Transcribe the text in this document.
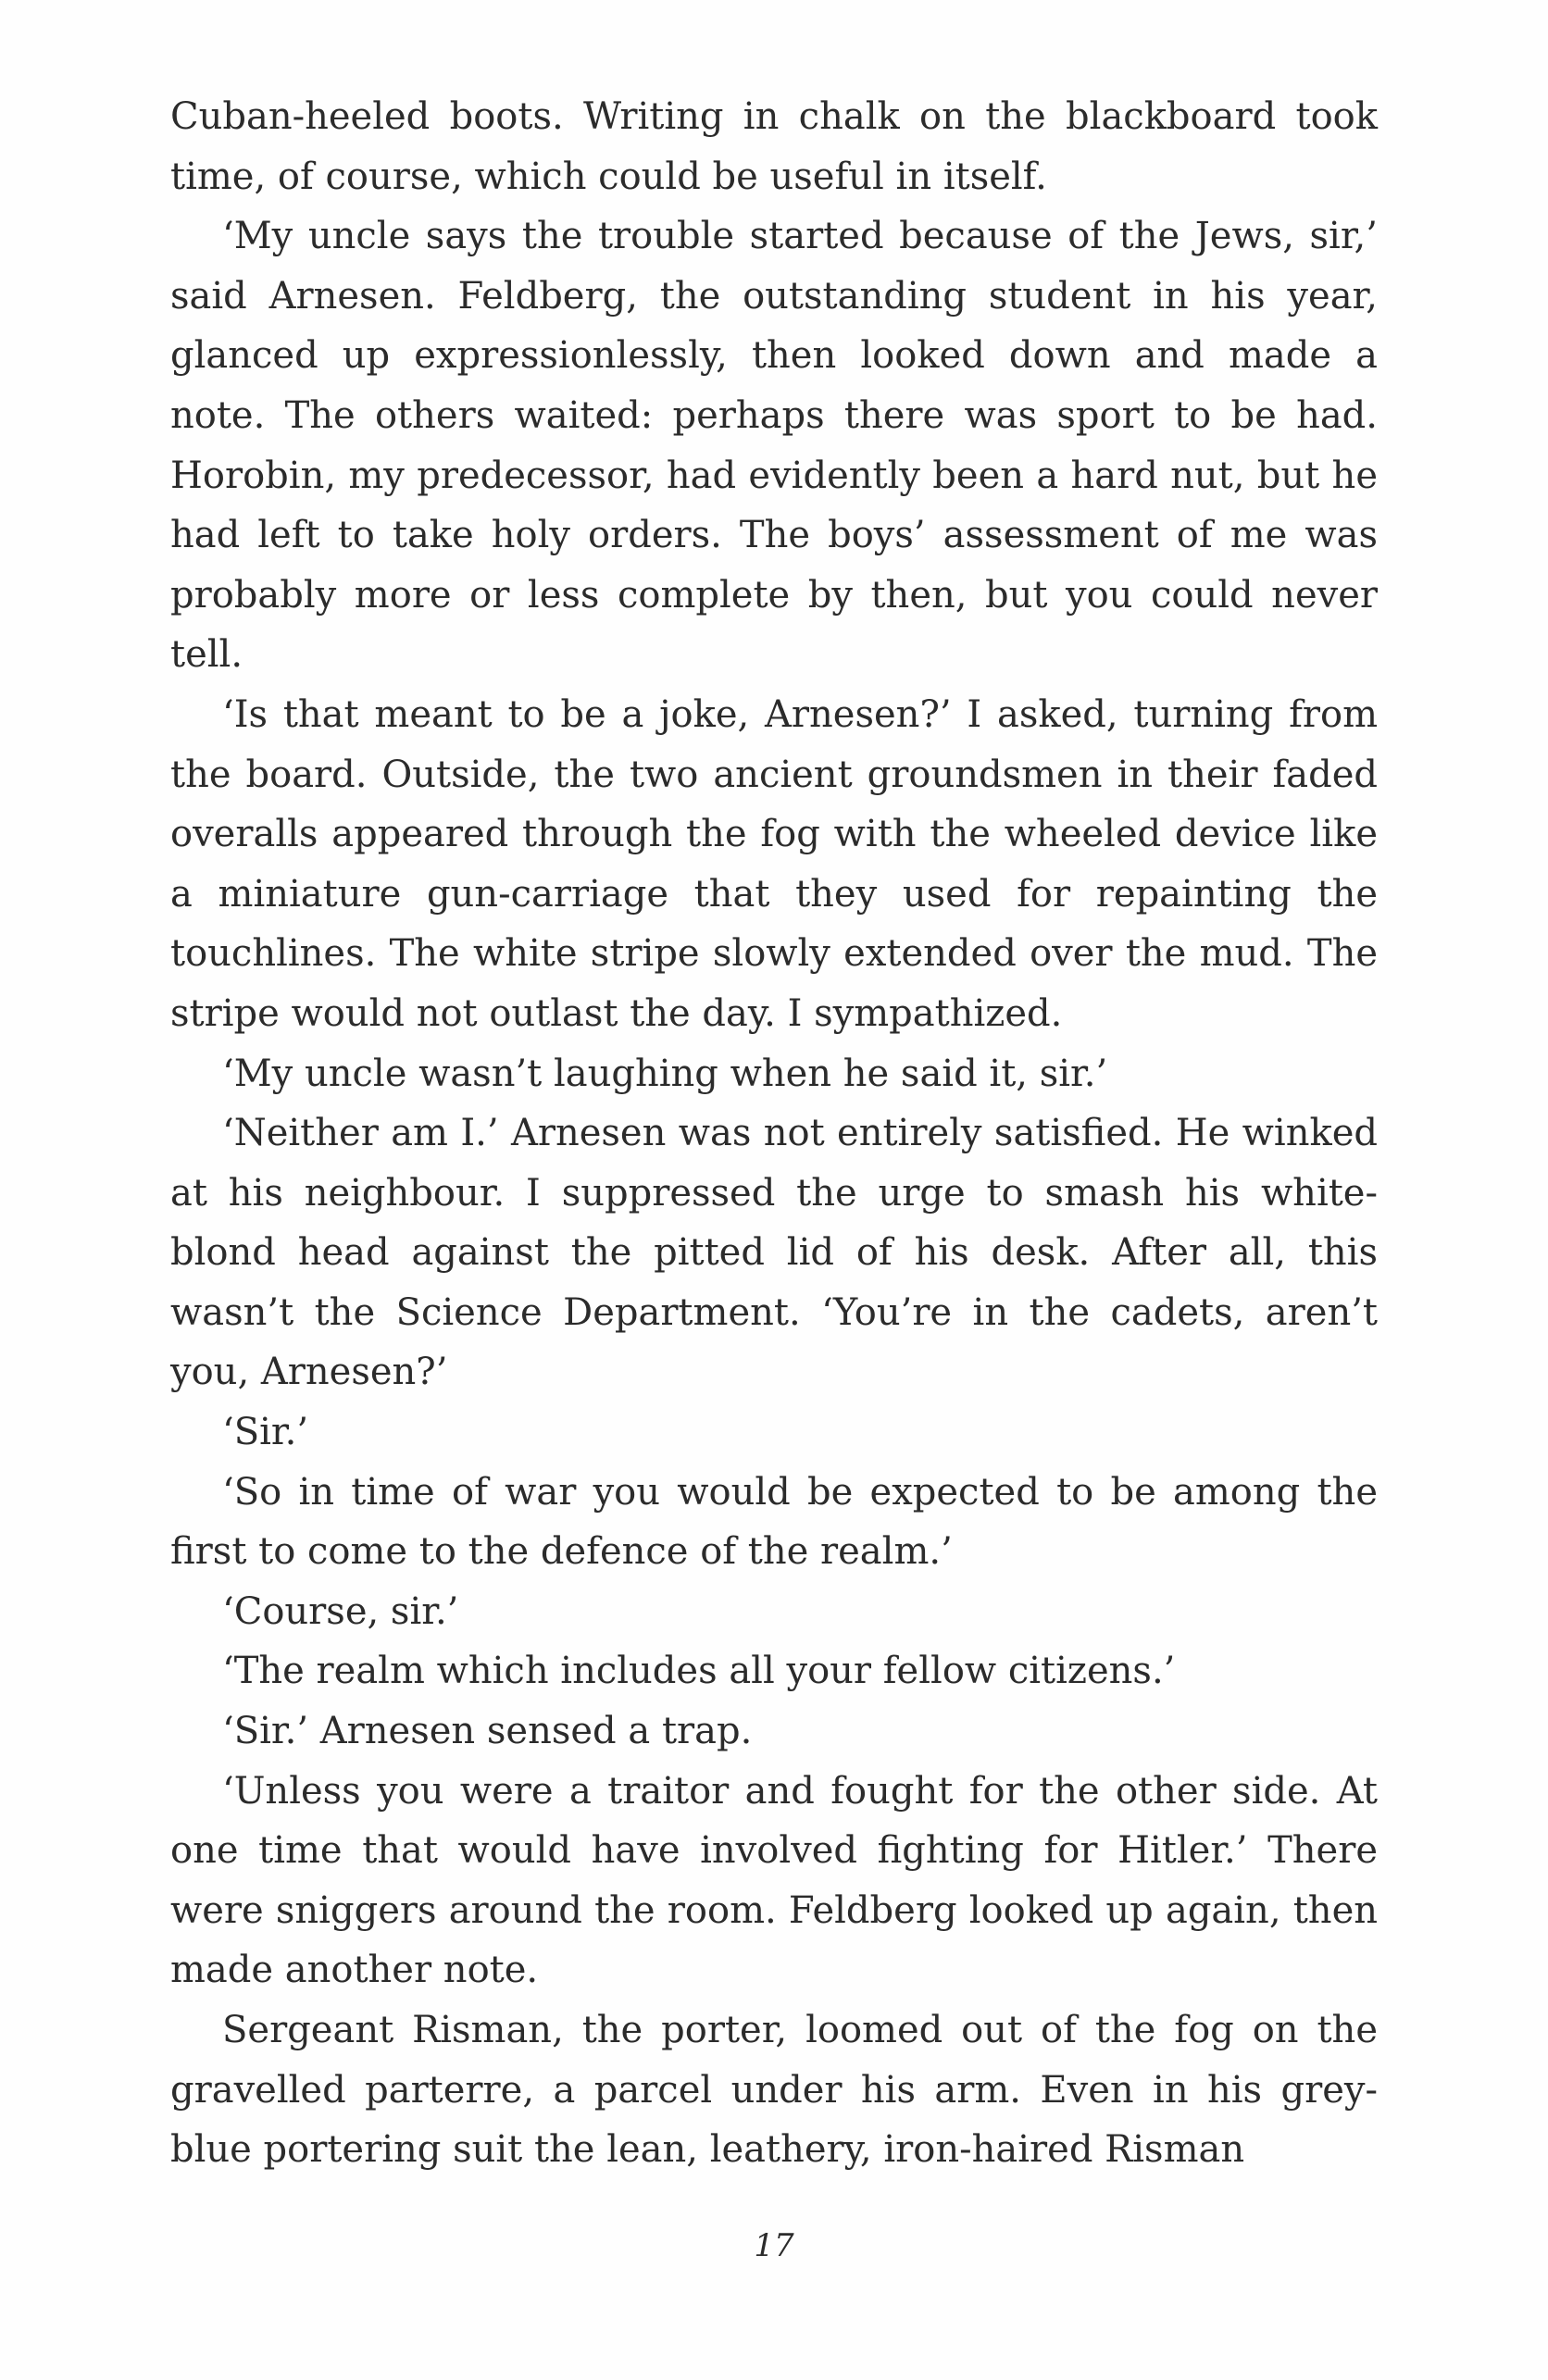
Cuban-heeled boots. Writing in chalk on the blackboard took time, of course, which could be useful in itself.

‘My uncle says the trouble started because of the Jews, sir,’ said Arnesen. Feldberg, the outstanding student in his year, glanced up expressionlessly, then looked down and made a note. The others waited: perhaps there was sport to be had. Horobin, my predecessor, had evidently been a hard nut, but he had left to take holy orders. The boys’ assessment of me was probably more or less complete by then, but you could never tell.

‘Is that meant to be a joke, Arnesen?’ I asked, turning from the board. Outside, the two ancient groundsmen in their faded overalls appeared through the fog with the wheeled device like a miniature gun-carriage that they used for repainting the touchlines. The white stripe slowly extended over the mud. The stripe would not outlast the day. I sympathized.

‘My uncle wasn’t laughing when he said it, sir.’

‘Neither am I.’ Arnesen was not entirely satisfied. He winked at his neighbour. I suppressed the urge to smash his white-blond head against the pitted lid of his desk. After all, this wasn’t the Science Department. ‘You’re in the cadets, aren’t you, Arnesen?’

‘Sir.’

‘So in time of war you would be expected to be among the first to come to the defence of the realm.’

‘Course, sir.’

‘The realm which includes all your fellow citizens.’

‘Sir.’ Arnesen sensed a trap.

‘Unless you were a traitor and fought for the other side. At one time that would have involved fighting for Hitler.’ There were sniggers around the room. Feldberg looked up again, then made another note.

Sergeant Risman, the porter, loomed out of the fog on the gravelled parterre, a parcel under his arm. Even in his grey-blue portering suit the lean, leathery, iron-haired Risman

17
